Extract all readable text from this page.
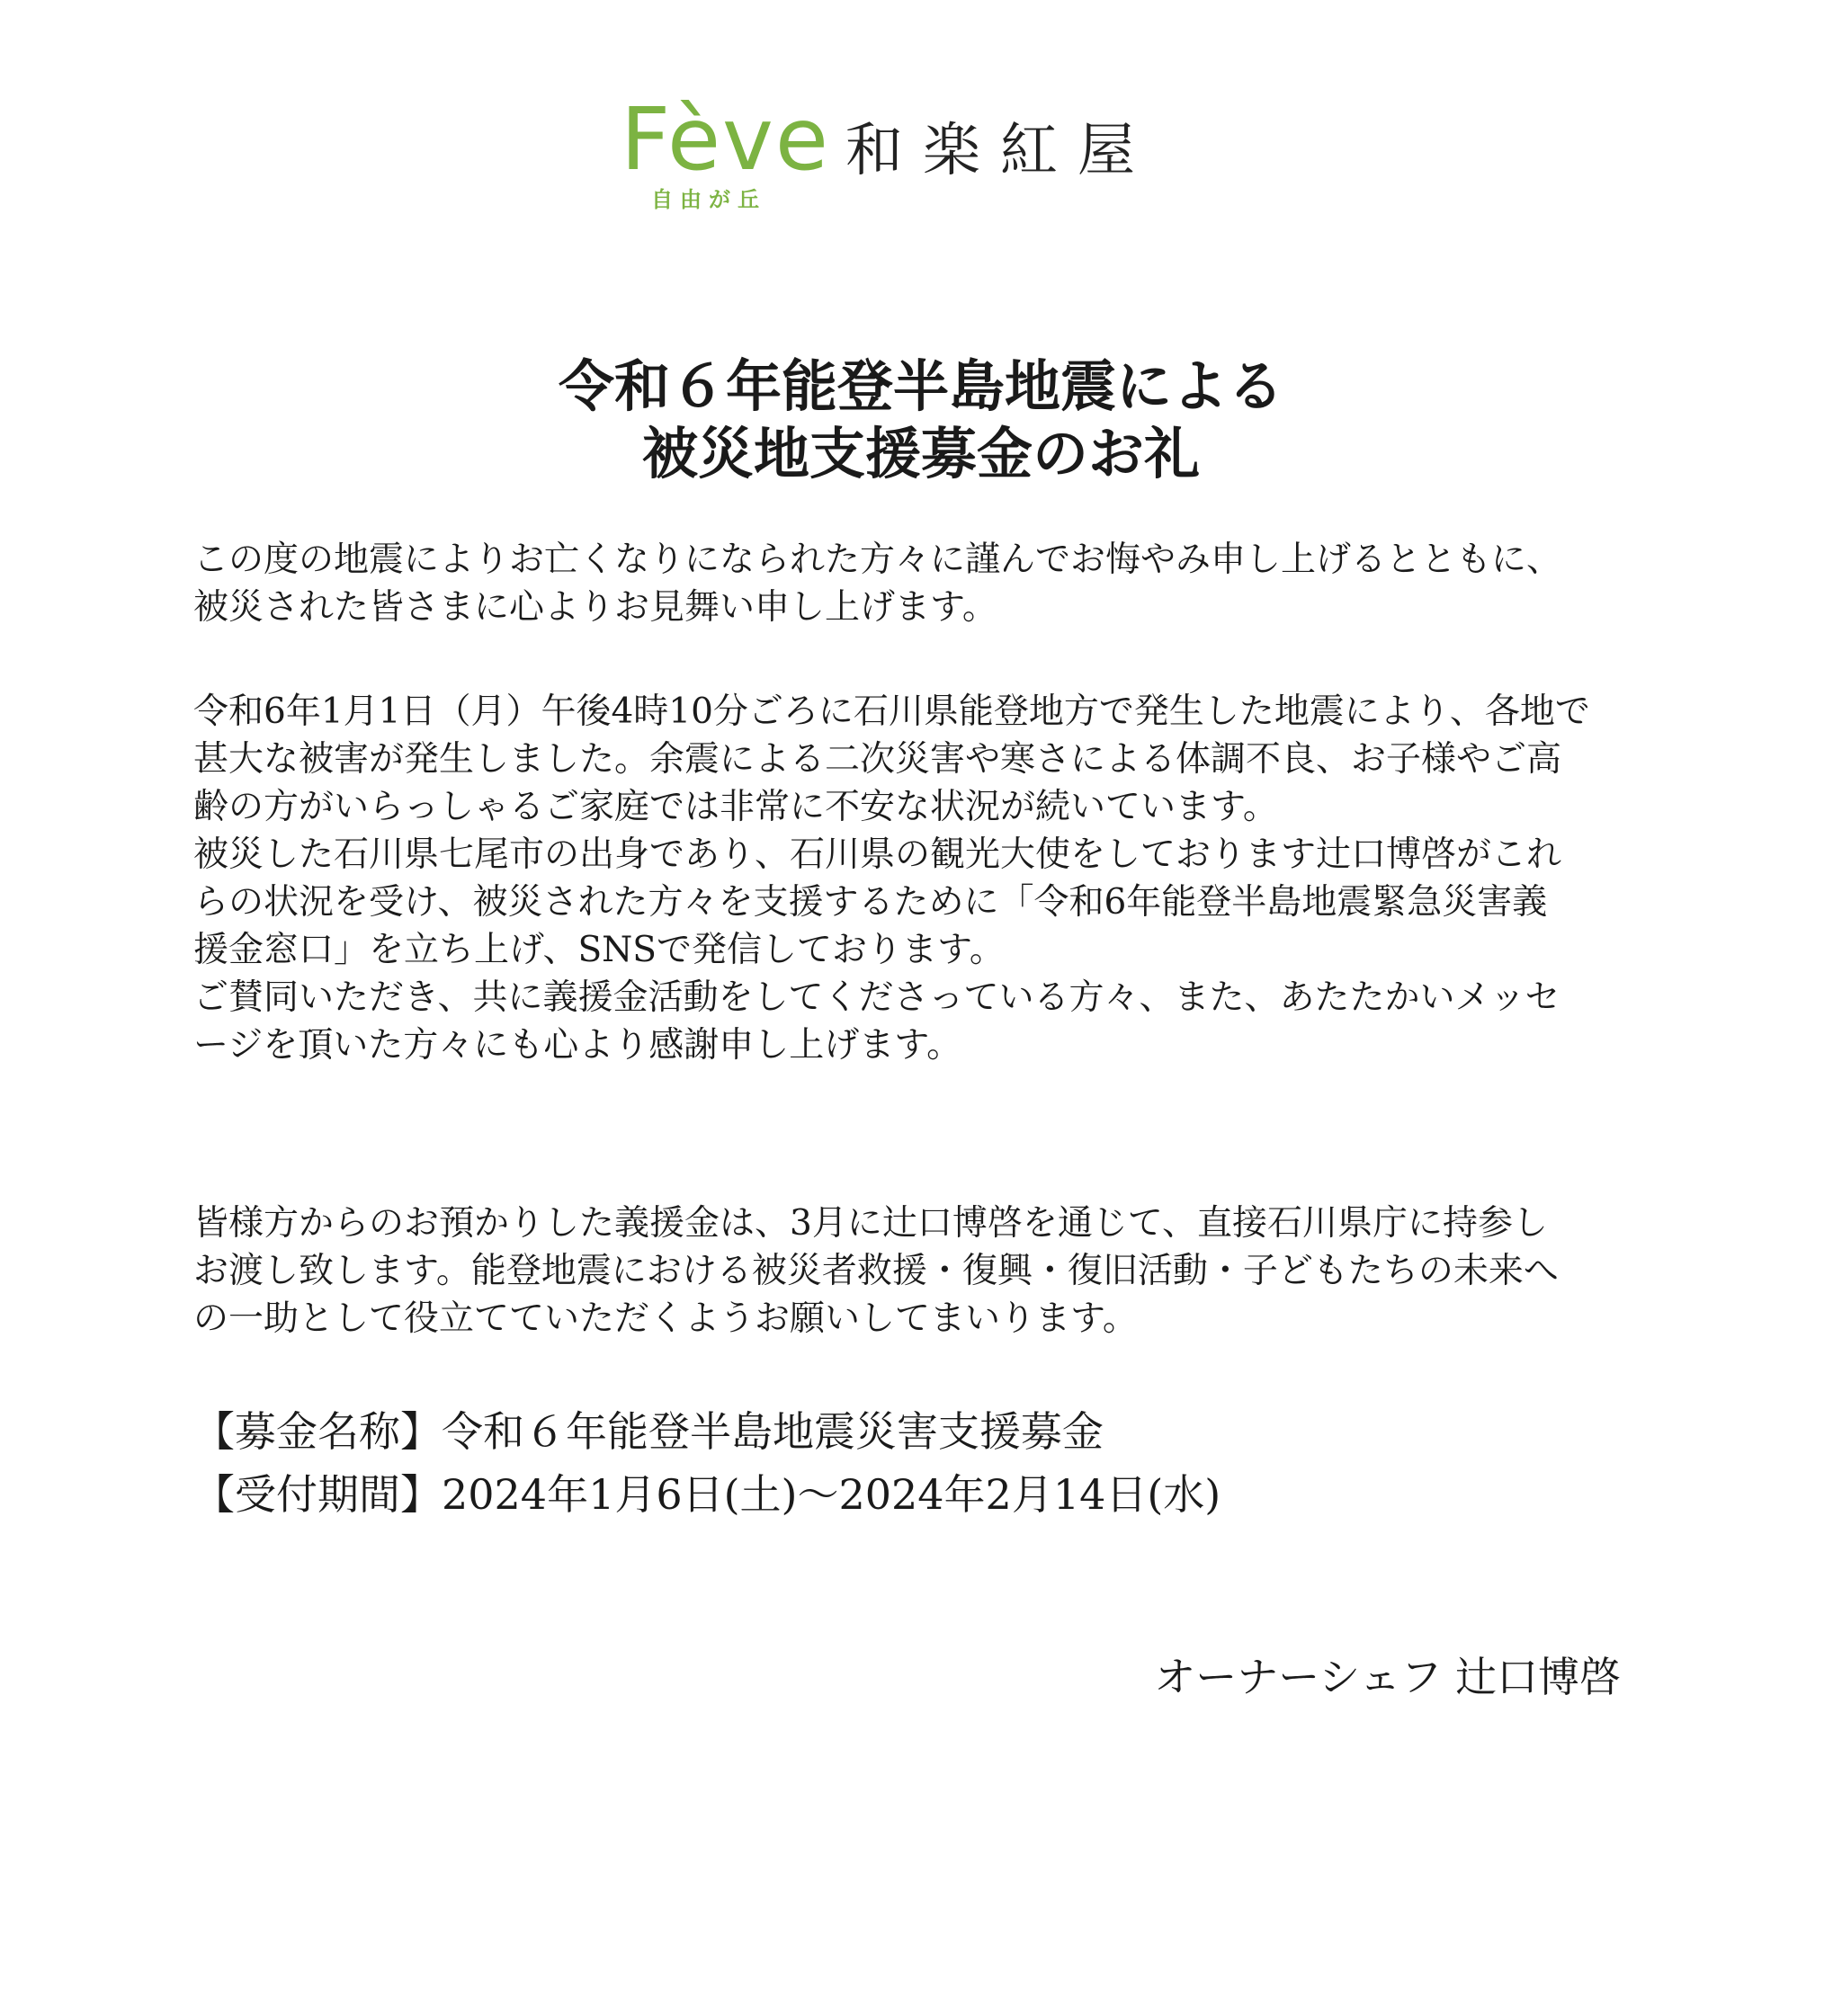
Fève
自由が丘
和楽紅屋
令和６年能登半島地震による
被災地支援募金のお礼
この度の地震によりお亡くなりになられた方々に謹んでお悔やみ申し上げるとともに、
被災された皆さまに心よりお見舞い申し上げます。
令和6年1月1日（月）午後4時10分ごろに石川県能登地方で発生した地震により、各地で
甚大な被害が発生しました。余震による二次災害や寒さによる体調不良、お子様やご高
齢の方がいらっしゃるご家庭では非常に不安な状況が続いています。
被災した石川県七尾市の出身であり、石川県の観光大使をしております辻口博啓がこれ
らの状況を受け、被災された方々を支援するために「令和6年能登半島地震緊急災害義
援金窓口」を立ち上げ、SNSで発信しております。
ご賛同いただき、共に義援金活動をしてくださっている方々、また、あたたかいメッセ
ージを頂いた方々にも心より感謝申し上げます。
皆様方からのお預かりした義援金は、3月に辻口博啓を通じて、直接石川県庁に持参し
お渡し致します。能登地震における被災者救援・復興・復旧活動・子どもたちの未来へ
の一助として役立てていただくようお願いしてまいります。
【募金名称】令和６年能登半島地震災害支援募金
【受付期間】2024年1月6日(土)～2024年2月14日(水)
オーナーシェフ 辻口博啓
